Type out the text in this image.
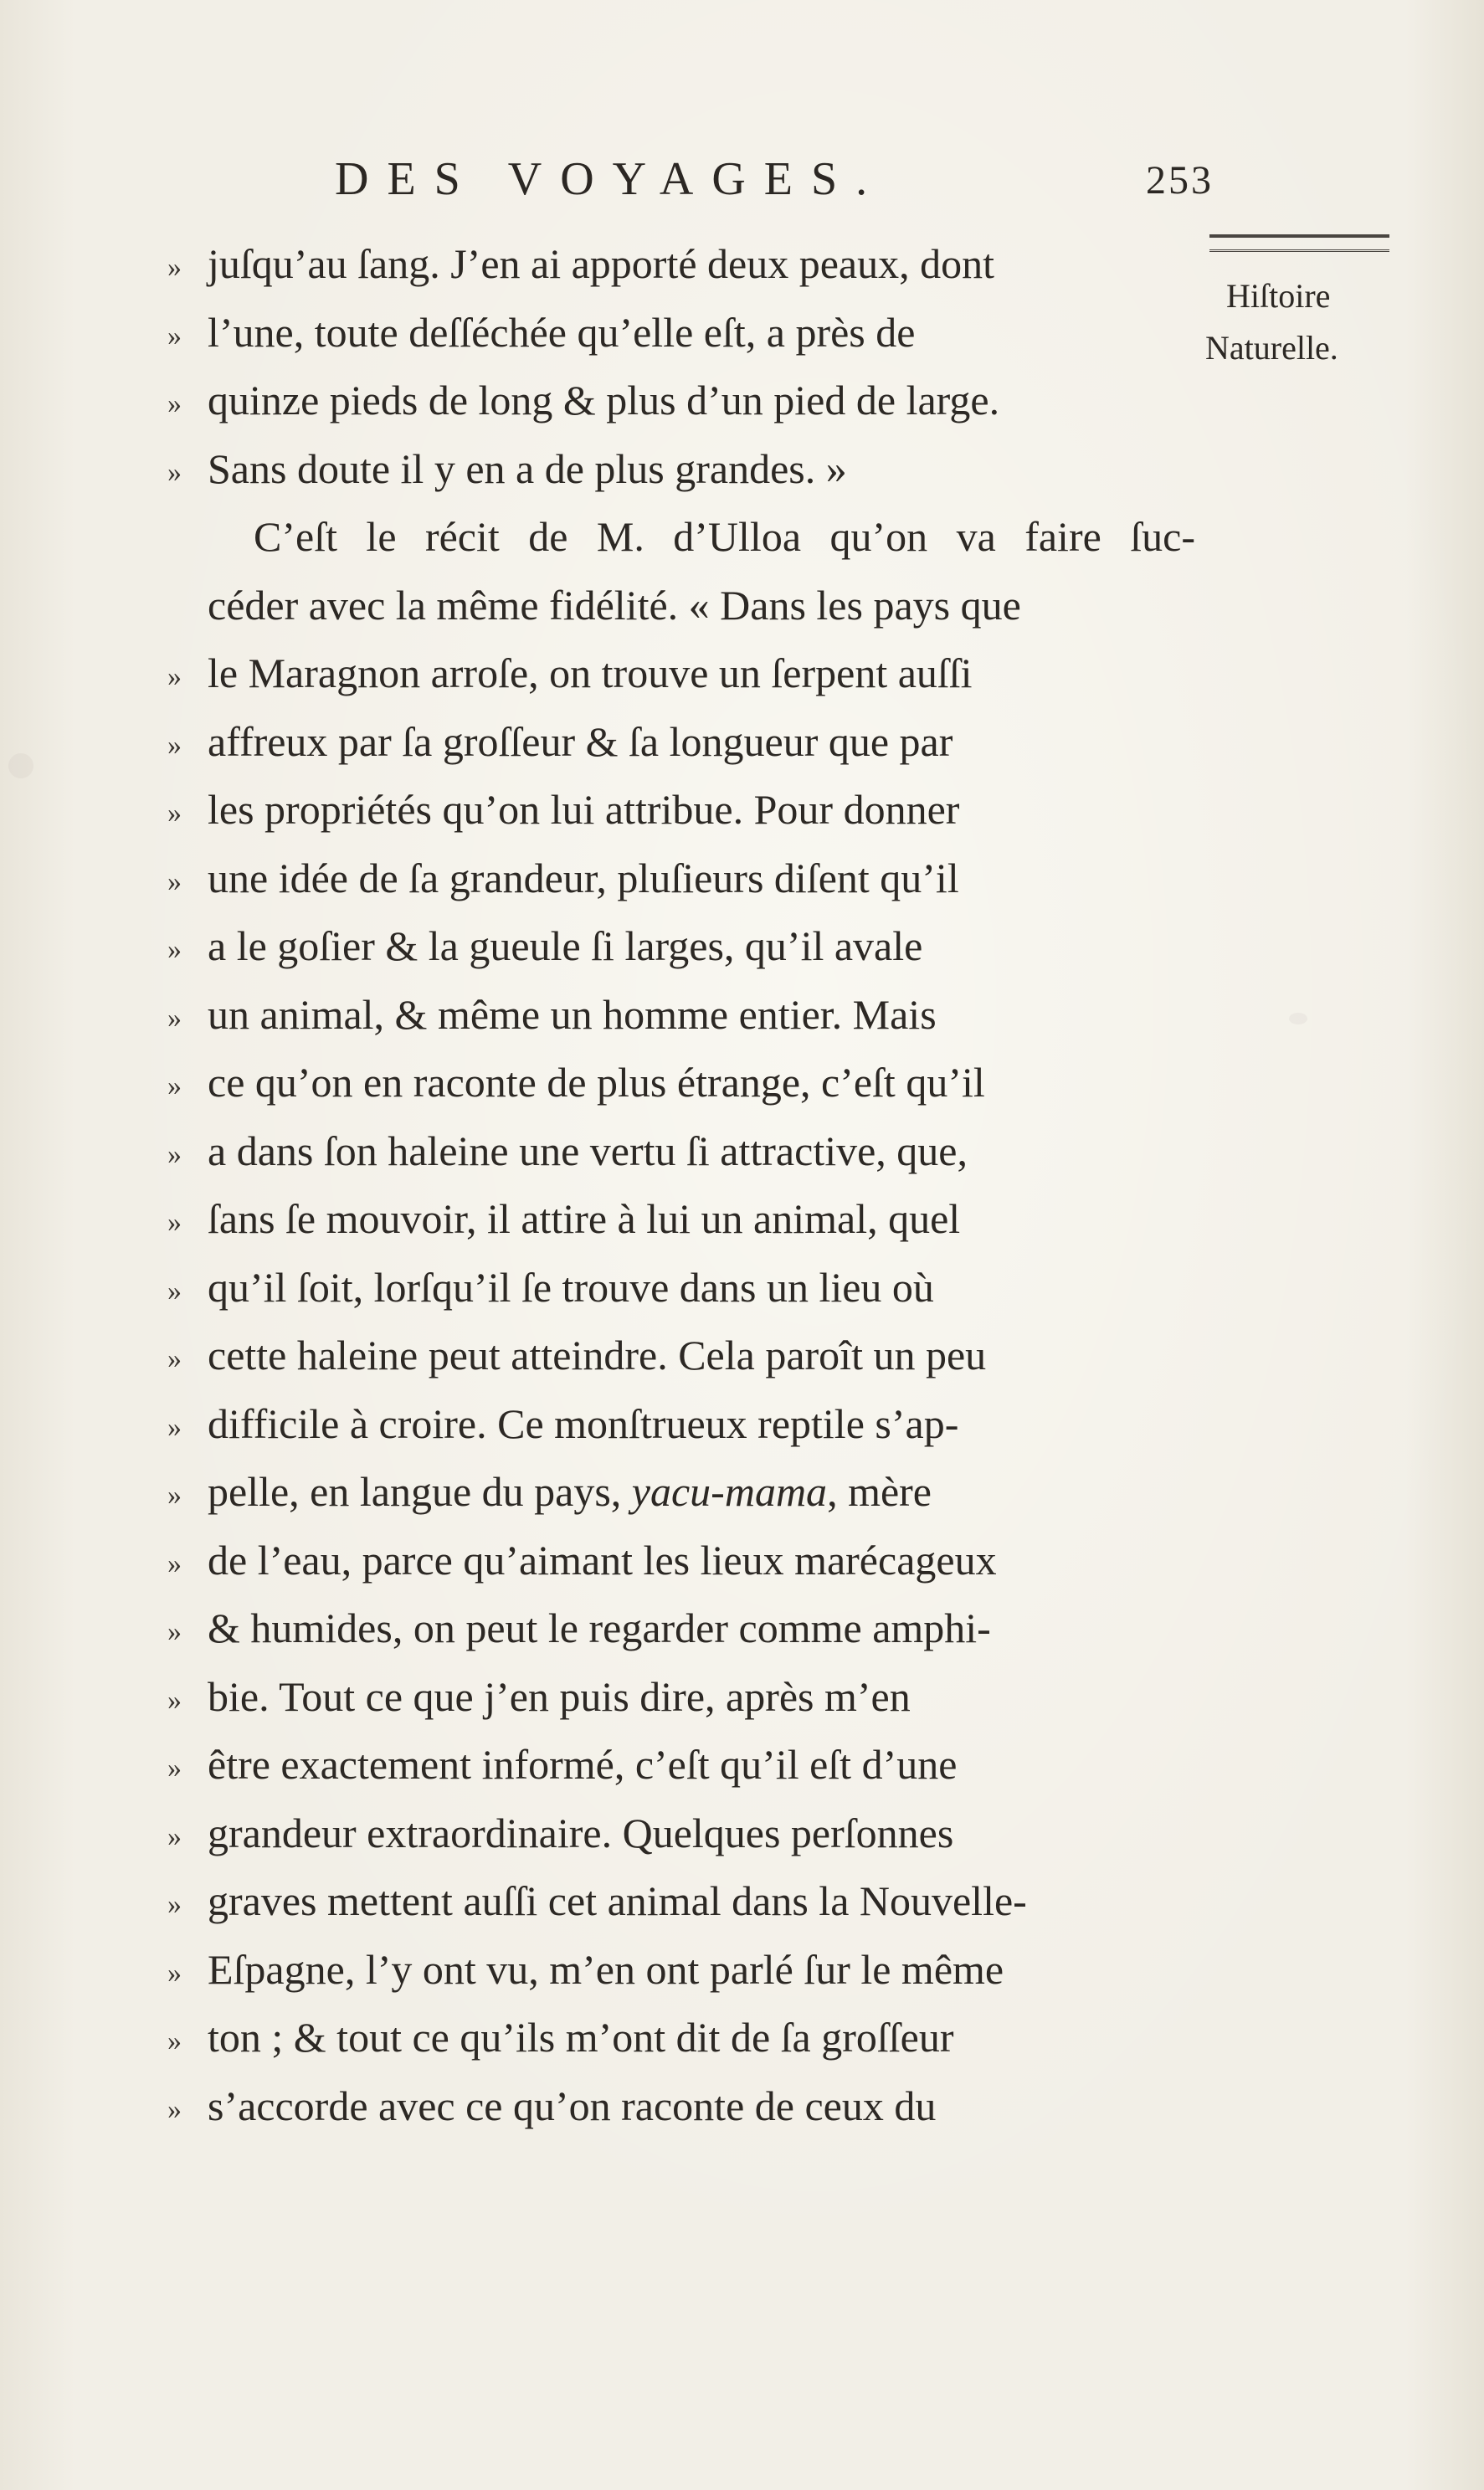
DES VOYAGES.	253
Hiſtoire
Naturelle.
» juſqu’au ſang. J’en ai apporté deux peaux, dont
» l’une, toute deſſéchée qu’elle eſt, a près de
» quinze pieds de long & plus d’un pied de large.
» Sans doute il y en a de plus grandes. »
C’eſt le récit de M. d’Ulloa qu’on va faire ſuc-
céder avec la même fidélité. « Dans les pays que
» le Maragnon arroſe, on trouve un ſerpent auſſi
» affreux par ſa groſſeur & ſa longueur que par
» les propriétés qu’on lui attribue. Pour donner
» une idée de ſa grandeur, pluſieurs diſent qu’il
» a le goſier & la gueule ſi larges, qu’il avale
» un animal, & même un homme entier. Mais
» ce qu’on en raconte de plus étrange, c’eſt qu’il
» a dans ſon haleine une vertu ſi attractive, que,
» ſans ſe mouvoir, il attire à lui un animal, quel
» qu’il ſoit, lorſqu’il ſe trouve dans un lieu où
» cette haleine peut atteindre. Cela paroît un peu
» difficile à croire. Ce monſtrueux reptile s’ap-
» pelle, en langue du pays, yacu-mama, mère
» de l’eau, parce qu’aimant les lieux marécageux
» & humides, on peut le regarder comme amphi-
» bie. Tout ce que j’en puis dire, après m’en
» être exactement informé, c’eſt qu’il eſt d’une
» grandeur extraordinaire. Quelques perſonnes
» graves mettent auſſi cet animal dans la Nouvelle-
» Eſpagne, l’y ont vu, m’en ont parlé ſur le même
» ton ; & tout ce qu’ils m’ont dit de ſa groſſeur
» s’accorde avec ce qu’on raconte de ceux du
